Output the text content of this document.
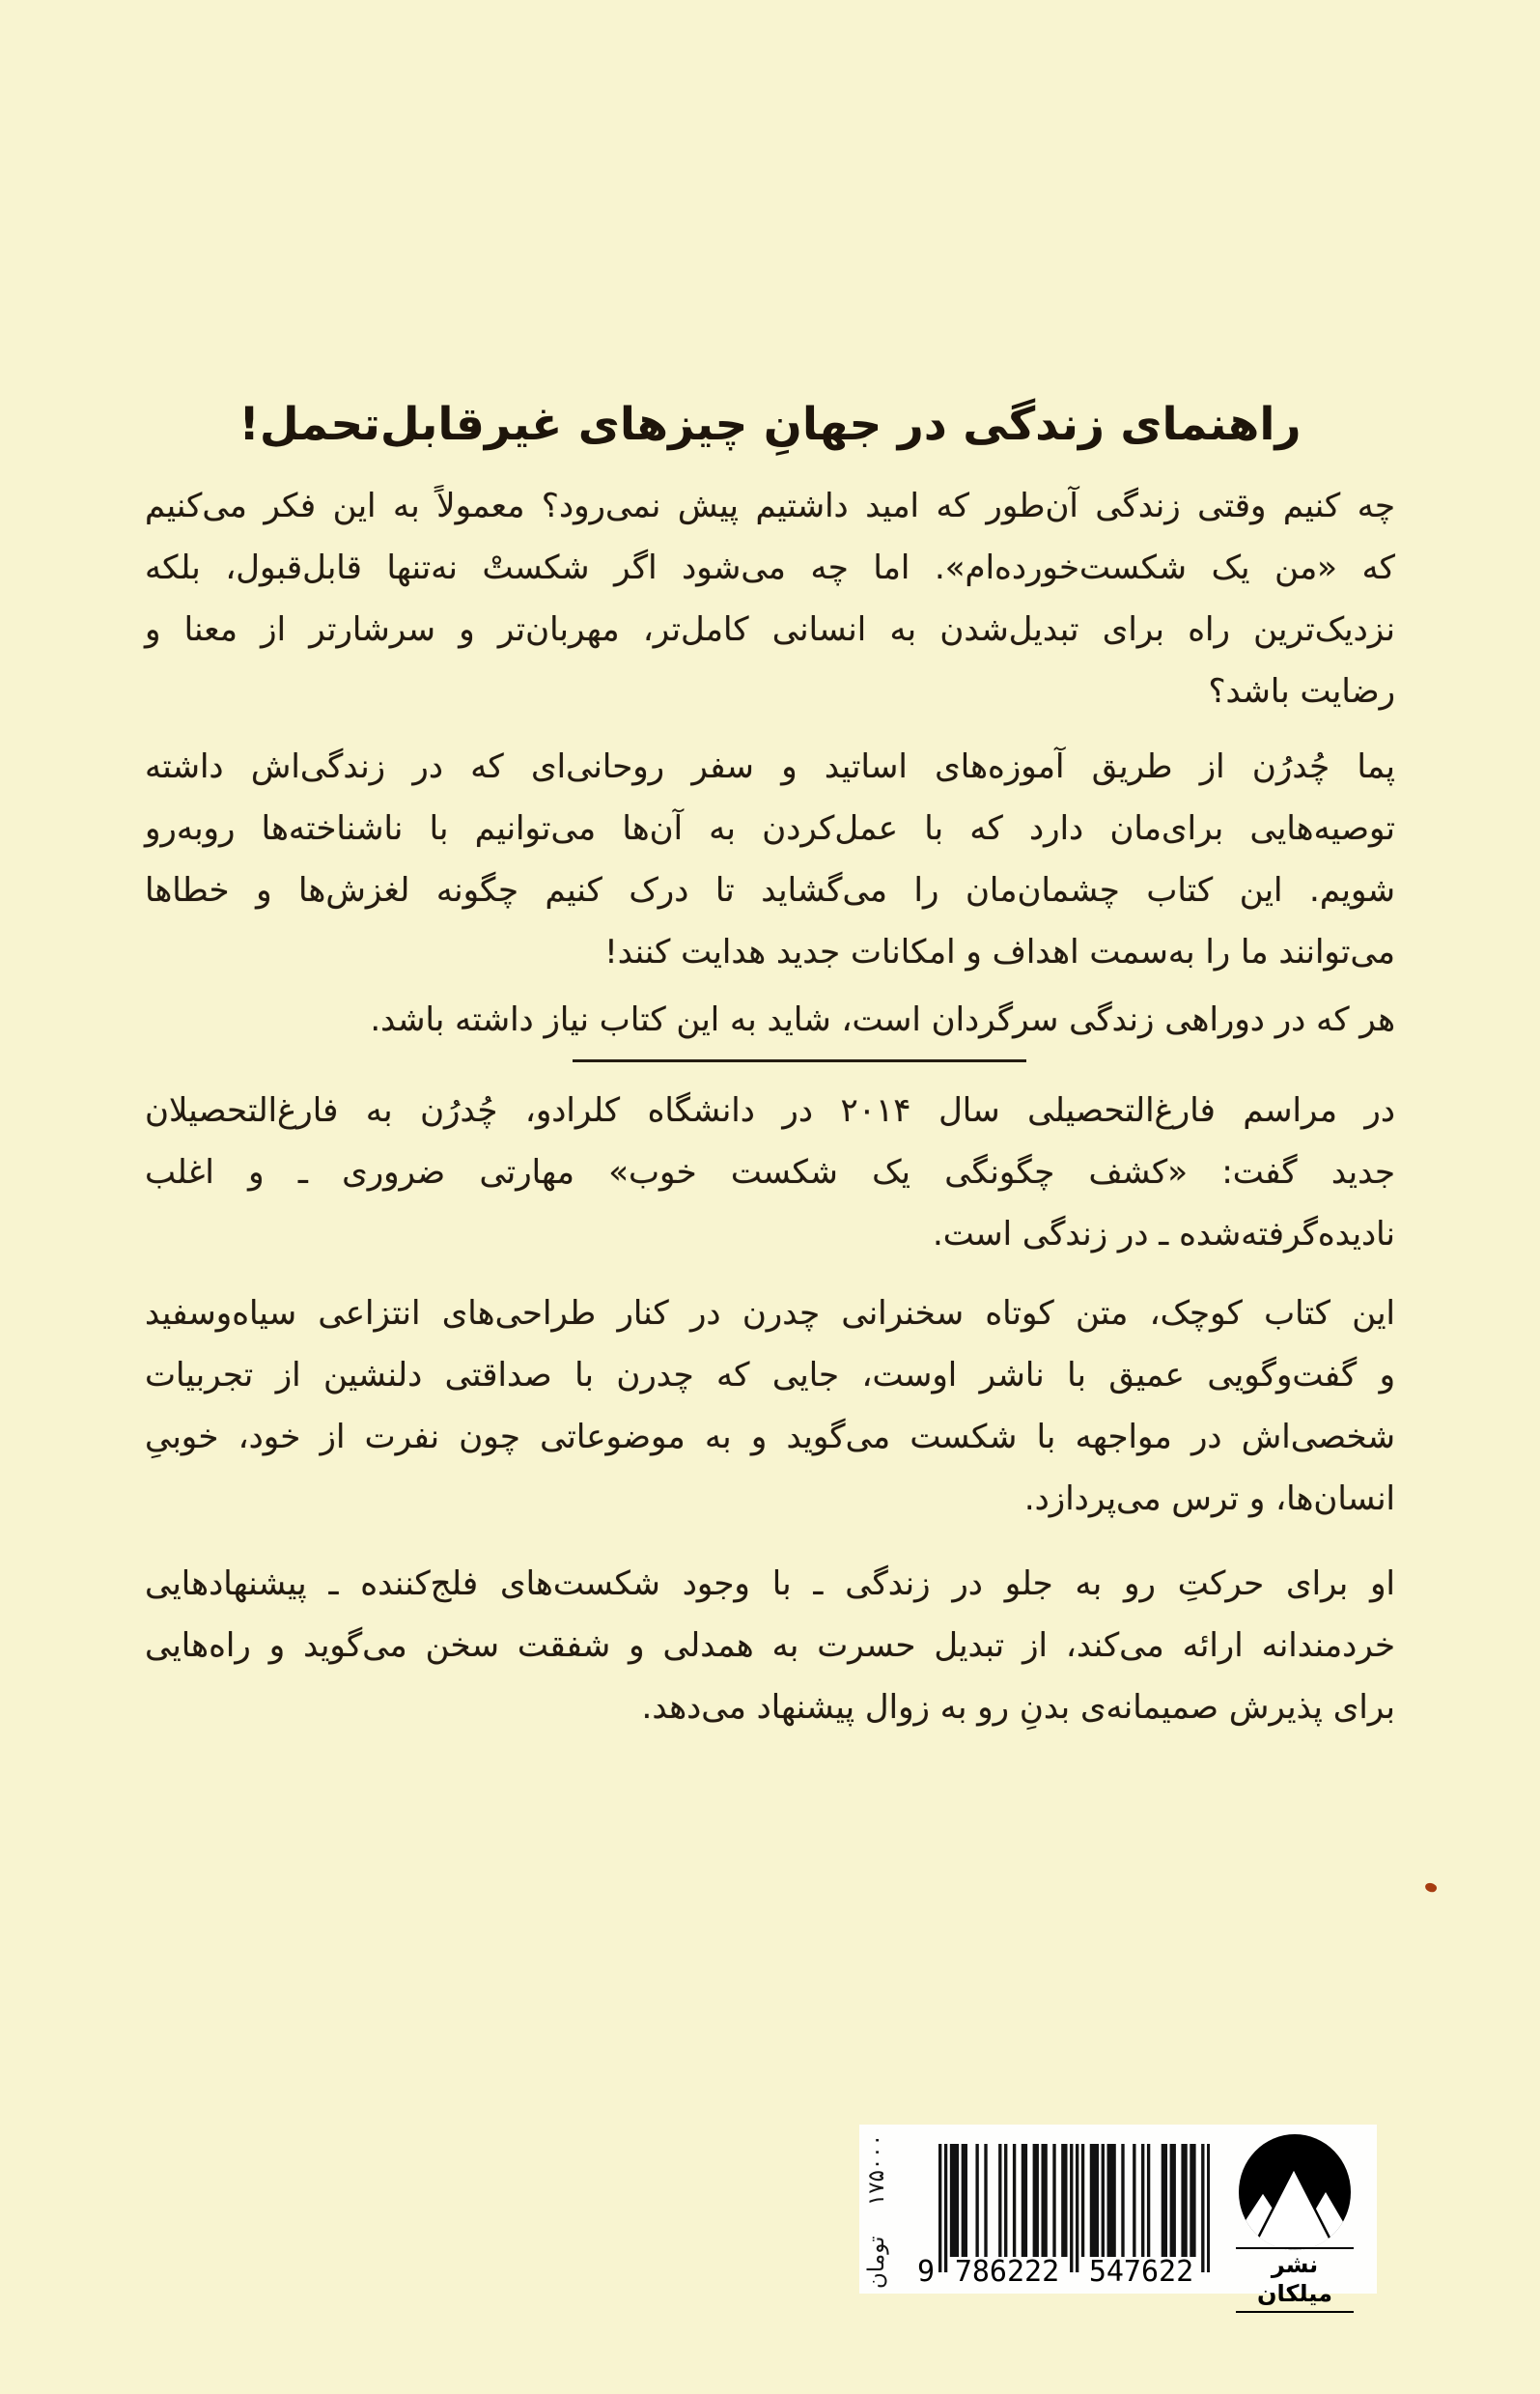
راهنمای زندگی در جهانِ چیزهای غیرقابل‌تحمل!
چه کنیم وقتی زندگی آن‌طور که امید داشتیم پیش نمی‌رود؟ معمولاً به این فکر می‌کنیم
که «من یک شکست‌خورده‌ام». اما چه می‌شود اگر شکستْ نه‌تنها قابل‌قبول، بلکه
نزدیک‌ترین راه برای تبدیل‌شدن به انسانی کامل‌تر، مهربان‌تر و سرشارتر از معنا و
رضایت باشد؟
پما چُدرُن از طریق آموزه‌های اساتید و سفر روحانی‌ای که در زندگی‌اش داشته
توصیه‌هایی برای‌مان دارد که با عمل‌کردن به آن‌ها می‌توانیم با ناشناخته‌ها روبه‌رو
شویم. این کتاب چشمان‌مان را می‌گشاید تا درک کنیم چگونه لغزش‌ها و خطاها
می‌توانند ما را به‌سمت اهداف و امکانات جدید هدایت کنند!
هر که در دوراهی زندگی سرگردان است، شاید به این کتاب نیاز داشته باشد.
در مراسم فارغ‌التحصیلی سال ۲۰۱۴ در دانشگاه کلرادو، چُدرُن به فارغ‌التحصیلان
جدید گفت: «کشف چگونگی یک شکست خوب» مهارتی ضروری ـ و اغلب
نادیده‌گرفته‌شده ـ در زندگی است.
این کتاب کوچک، متن کوتاه سخنرانی چدرن در کنار طراحی‌های انتزاعی سیاه‌وسفید
و گفت‌وگویی عمیق با ناشر اوست، جایی که چدرن با صداقتی دلنشین از تجربیات
شخصی‌اش در مواجهه با شکست می‌گوید و به موضوعاتی چون نفرت از خود، خوبیِ
انسان‌ها، و ترس می‌پردازد.
او برای حرکتِ رو به جلو در زندگی ـ با وجود شکست‌های فلج‌کننده ـ پیشنهادهایی
خردمندانه ارائه می‌کند، از تبدیل حسرت به همدلی و شفقت سخن می‌گوید و راه‌هایی
برای پذیرش صمیمانه‌ی بدنِ رو به زوال پیشنهاد می‌دهد.
۱۷۵۰۰۰
تومان 9 786222 547622	نشر میلکان
